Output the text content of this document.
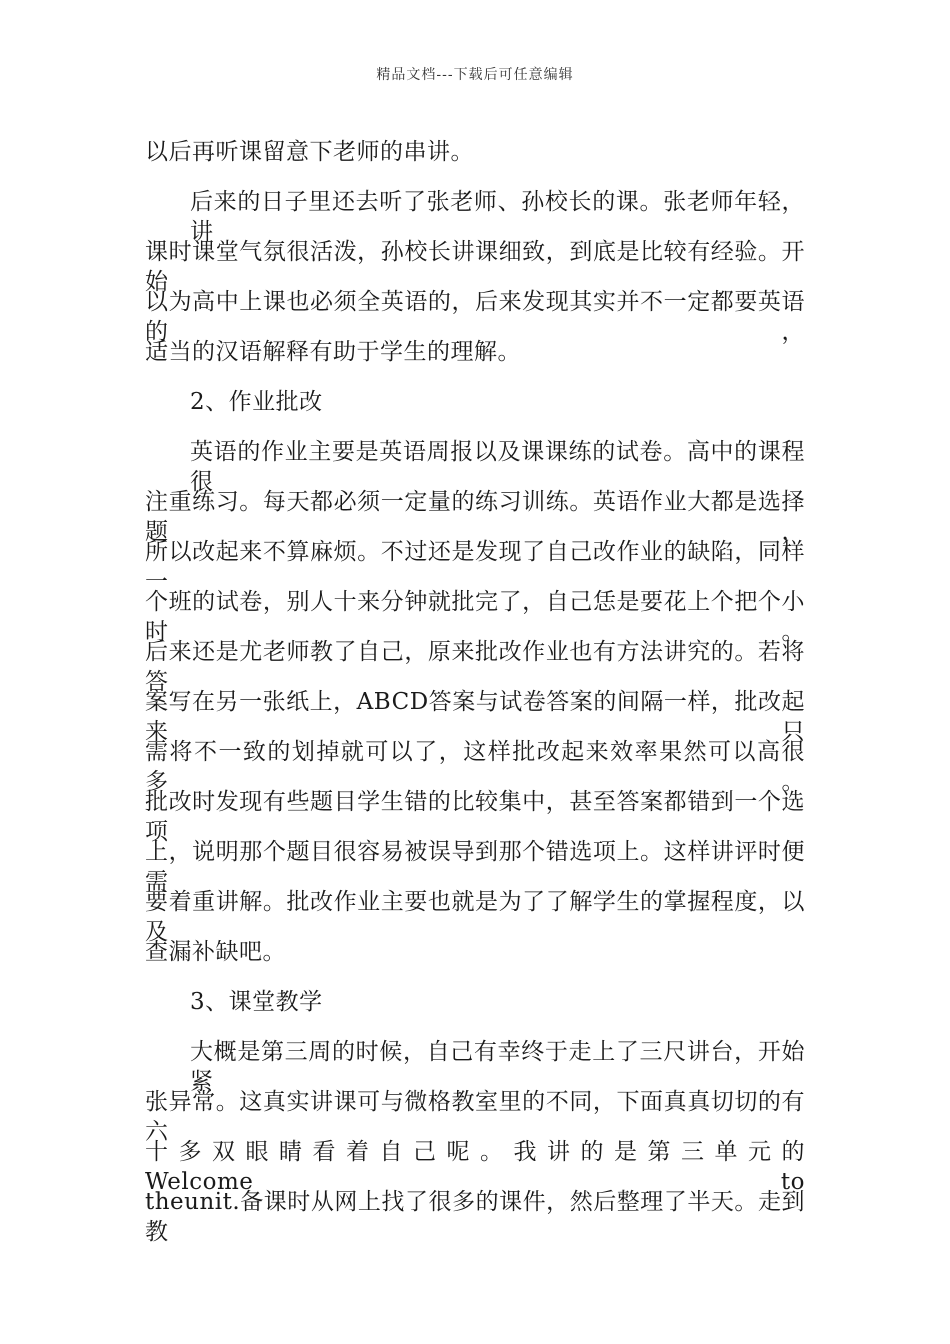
精品文档---下载后可任意编辑
以后再听课留意下老师的串讲。
后来的日子里还去听了张老师、孙校长的课。张老师年轻，讲
课时课堂气氛很活泼，孙校长讲课细致，到底是比较有经验。开始
以为高中上课也必须全英语的，后来发现其实并不一定都要英语的，
适当的汉语解释有助于学生的理解。
2、作业批改
英语的作业主要是英语周报以及课课练的试卷。高中的课程很
注重练习。每天都必须一定量的练习训练。英语作业大都是选择题，
所以改起来不算麻烦。不过还是发现了自己改作业的缺陷，同样一
个班的试卷，别人十来分钟就批完了，自己恁是要花上个把个小时。
后来还是尤老师教了自己，原来批改作业也有方法讲究的。若将答
案写在另一张纸上，ABCD答案与试卷答案的间隔一样，批改起来只
需将不一致的划掉就可以了，这样批改起来效率果然可以高很多。
批改时发现有些题目学生错的比较集中，甚至答案都错到一个选项
上，说明那个题目很容易被误导到那个错选项上。这样讲评时便需
要着重讲解。批改作业主要也就是为了了解学生的掌握程度，以及
查漏补缺吧。
3、课堂教学
大概是第三周的时候，自己有幸终于走上了三尺讲台，开始紧
张异常。这真实讲课可与微格教室里的不同，下面真真切切的有六
十 多 双 眼 睛 看 着 自 己 呢 。 我 讲 的 是 第 三 单 元 的 Welcome to
theunit.备课时从网上找了很多的课件，然后整理了半天。走到教
